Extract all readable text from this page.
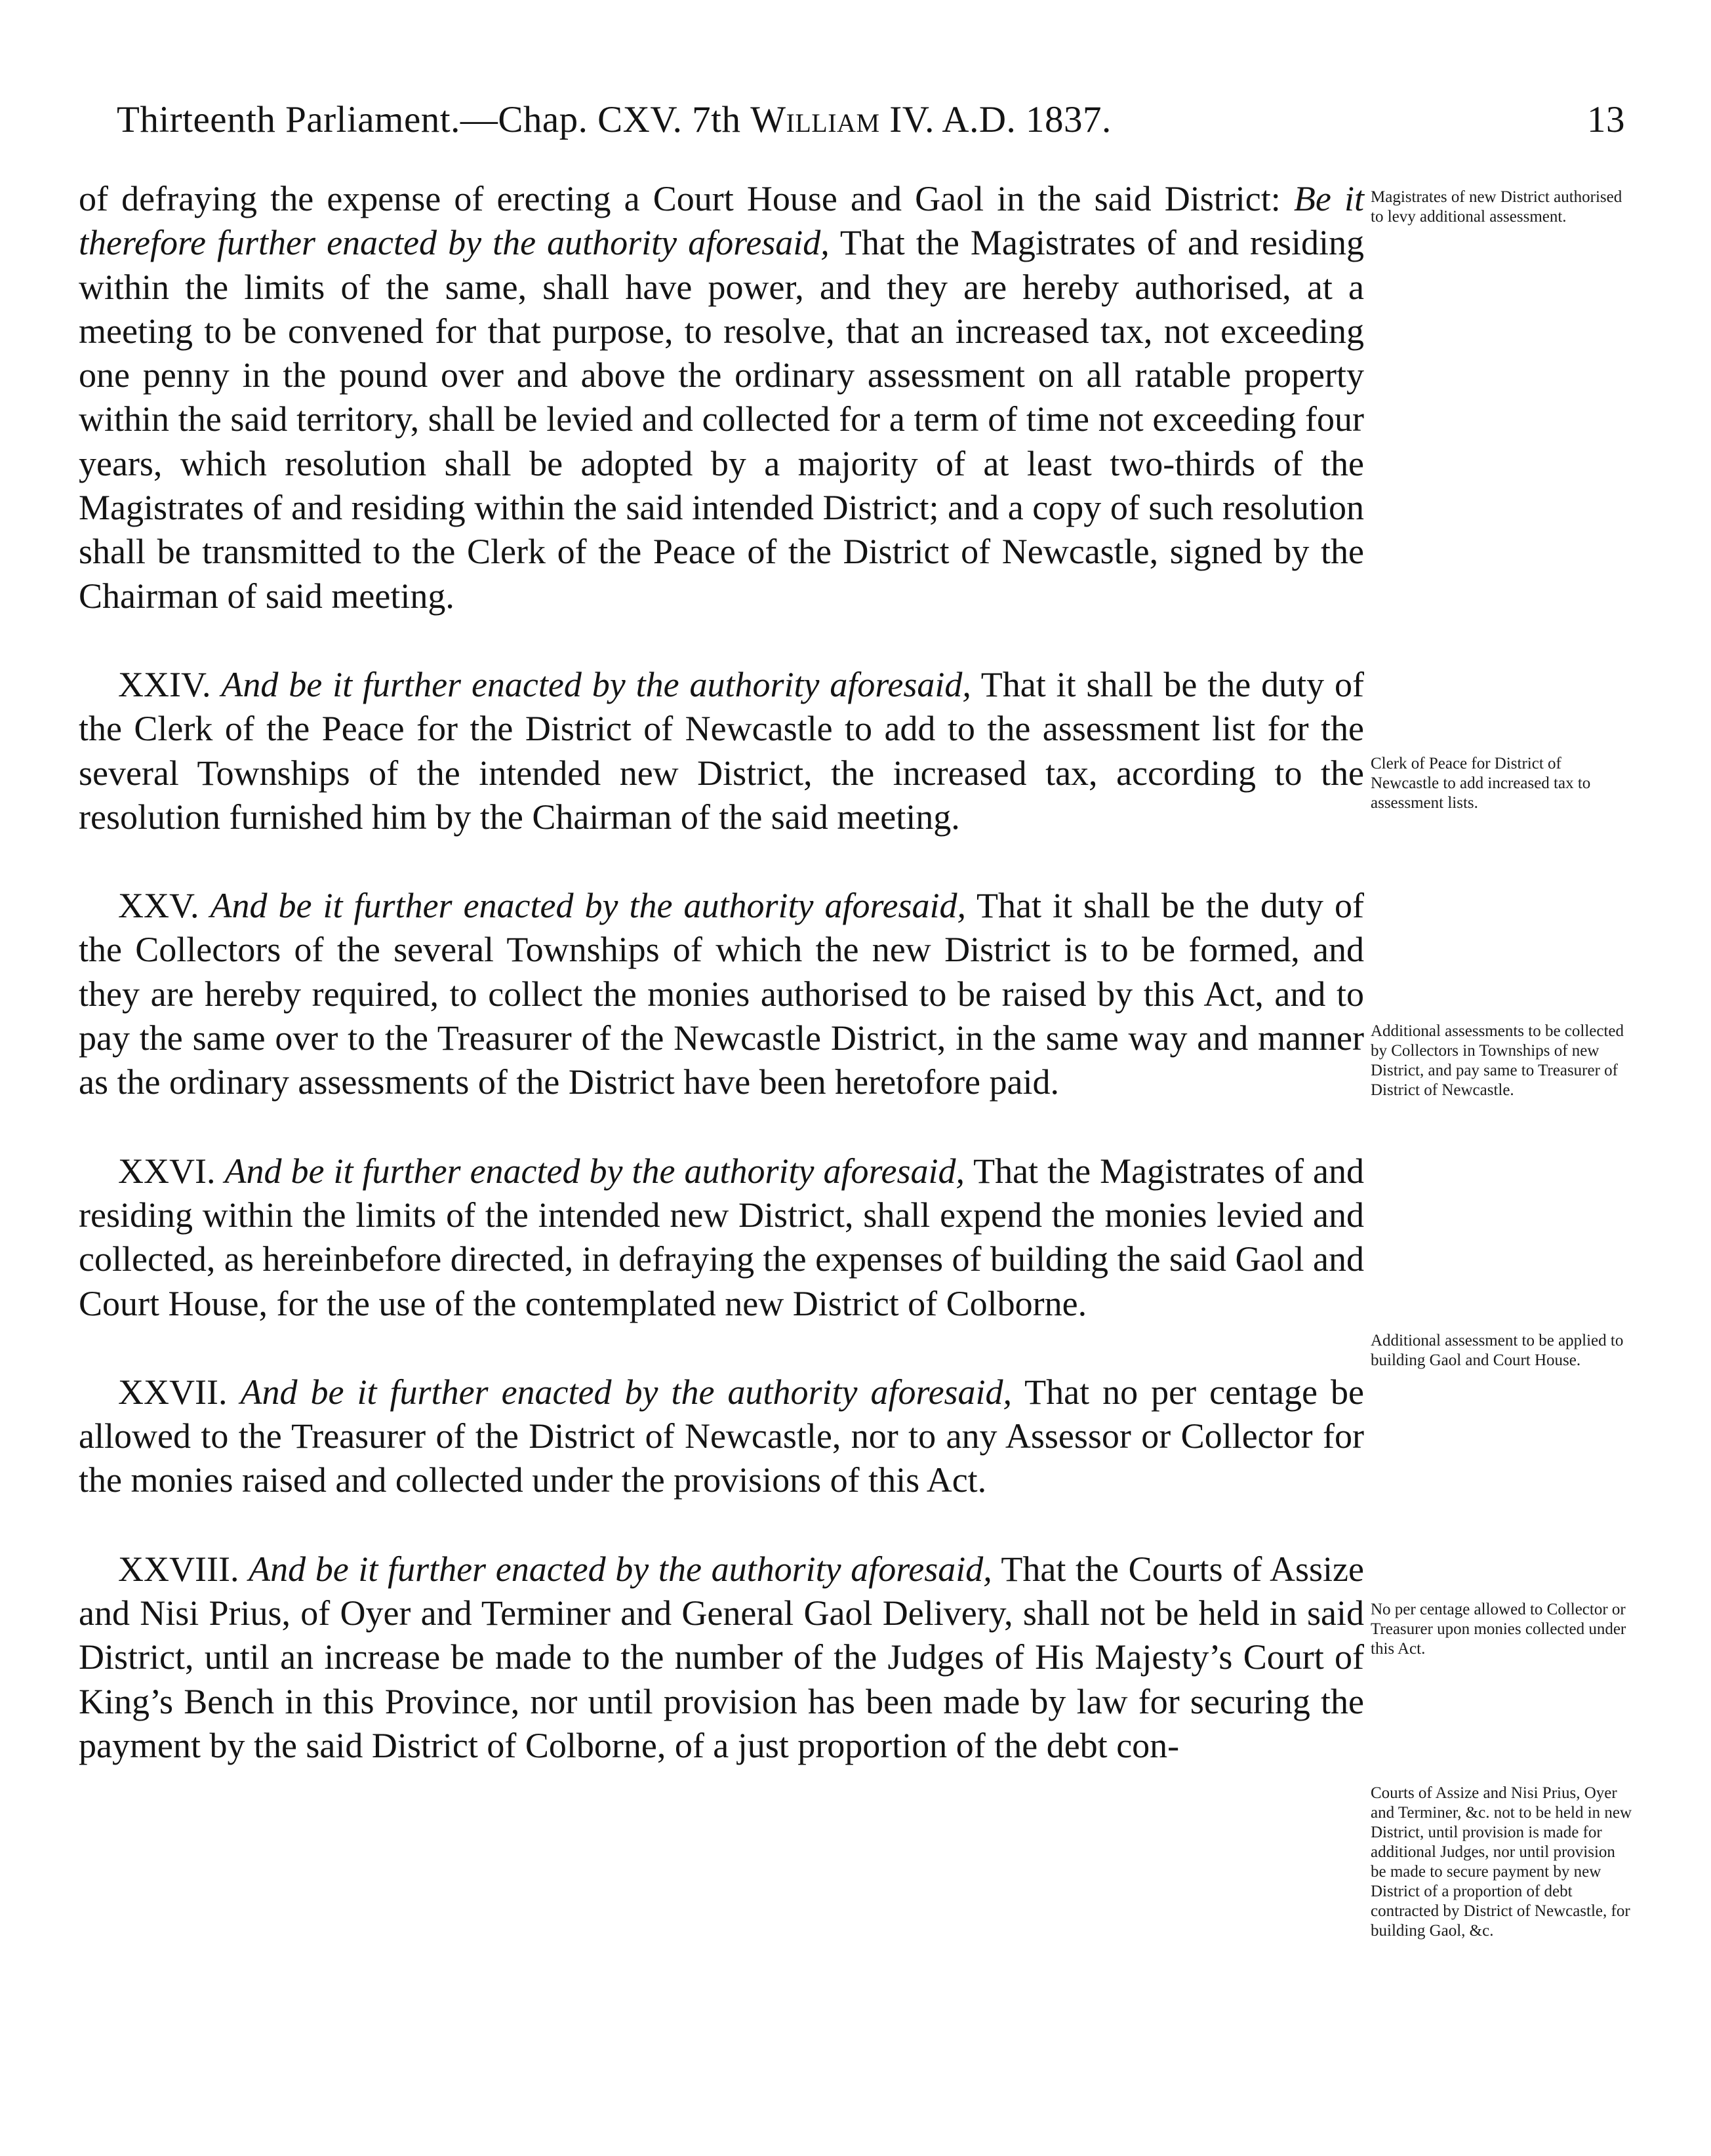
Thirteenth Parliament.—Chap. CXV. 7th William IV. A.D. 1837.	13

of defraying the expense of erecting a Court House and Gaol in the said District: Be it therefore further enacted by the authority aforesaid, That the Magistrates of and residing within the limits of the same, shall have power, and they are hereby authorised, at a meeting to be convened for that purpose, to resolve, that an increased tax, not exceeding one penny in the pound over and above the ordinary assessment on all ratable property within the said territory, shall be levied and collected for a term of time not exceeding four years, which resolution shall be adopted by a majority of at least two-thirds of the Magistrates of and residing within the said intended District; and a copy of such resolution shall be transmitted to the Clerk of the Peace of the District of Newcastle, signed by the Chairman of said meeting.

XXIV. And be it further enacted by the authority aforesaid, That it shall be the duty of the Clerk of the Peace for the District of Newcastle to add to the assessment list for the several Townships of the intended new District, the increased tax, according to the resolution furnished him by the Chairman of the said meeting.

XXV. And be it further enacted by the authority aforesaid, That it shall be the duty of the Collectors of the several Townships of which the new District is to be formed, and they are hereby required, to collect the monies authorised to be raised by this Act, and to pay the same over to the Treasurer of the Newcastle District, in the same way and manner as the ordinary assessments of the District have been heretofore paid.

XXVI. And be it further enacted by the authority aforesaid, That the Magistrates of and residing within the limits of the intended new District, shall expend the monies levied and collected, as hereinbefore directed, in defraying the expenses of building the said Gaol and Court House, for the use of the contemplated new District of Colborne.

XXVII. And be it further enacted by the authority aforesaid, That no per centage be allowed to the Treasurer of the District of Newcastle, nor to any Assessor or Collector for the monies raised and collected under the provisions of this Act.

XXVIII. And be it further enacted by the authority aforesaid, That the Courts of Assize and Nisi Prius, of Oyer and Terminer and General Gaol Delivery, shall not be held in said District, until an increase be made to the number of the Judges of His Majesty’s Court of King’s Bench in this Province, nor until provision has been made by law for securing the payment by the said District of Colborne, of a just proportion of the debt con-

Magistrates of new District authorised to levy additional assessment.
Clerk of Peace for District of Newcastle to add increased tax to assessment lists.
Additional assessments to be collected by Collectors in Townships of new District, and pay same to Treasurer of District of Newcastle.
Additional assessment to be applied to building Gaol and Court House.
No per centage allowed to Collector or Treasurer upon monies collected under this Act.
Courts of Assize and Nisi Prius, Oyer and Terminer, &c. not to be held in new District, until provision is made for additional Judges, nor until provision be made to secure payment by new District of a proportion of debt contracted by District of Newcastle, for building Gaol, &c.
